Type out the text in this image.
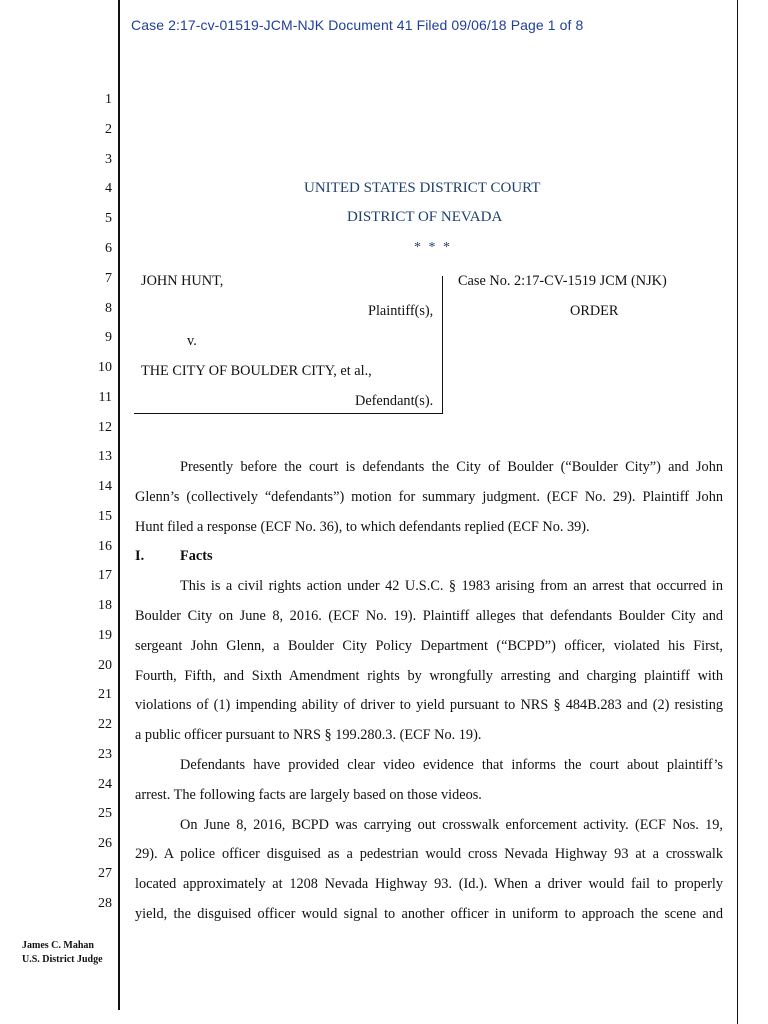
Case 2:17-cv-01519-JCM-NJK Document 41 Filed 09/06/18 Page 1 of 8
1
2
3
4
5
6
7
8
9
10
11
12
13
14
15
16
17
18
19
20
21
22
23
24
25
26
27
28
UNITED STATES DISTRICT COURT
DISTRICT OF NEVADA
* * *
JOHN HUNT,
Plaintiff(s),
v.
THE CITY OF BOULDER CITY, et al.,
Defendant(s).
Case No. 2:17-CV-1519 JCM (NJK)
ORDER
Presently before the court is defendants the City of Boulder (“Boulder City”) and John
Glenn’s (collectively “defendants”) motion for summary judgment. (ECF No. 29). Plaintiff John
Hunt filed a response (ECF No. 36), to which defendants replied (ECF No. 39).
I.	Facts
This is a civil rights action under 42 U.S.C. § 1983 arising from an arrest that occurred in
Boulder City on June 8, 2016. (ECF No. 19). Plaintiff alleges that defendants Boulder City and
sergeant John Glenn, a Boulder City Policy Department (“BCPD”) officer, violated his First,
Fourth, Fifth, and Sixth Amendment rights by wrongfully arresting and charging plaintiff with
violations of (1) impending ability of driver to yield pursuant to NRS § 484B.283 and (2) resisting
a public officer pursuant to NRS § 199.280.3. (ECF No. 19).
Defendants have provided clear video evidence that informs the court about plaintiff’s
arrest. The following facts are largely based on those videos.
On June 8, 2016, BCPD was carrying out crosswalk enforcement activity. (ECF Nos. 19,
29). A police officer disguised as a pedestrian would cross Nevada Highway 93 at a crosswalk
located approximately at 1208 Nevada Highway 93. (Id.). When a driver would fail to properly
yield, the disguised officer would signal to another officer in uniform to approach the scene and
James C. Mahan
U.S. District Judge
